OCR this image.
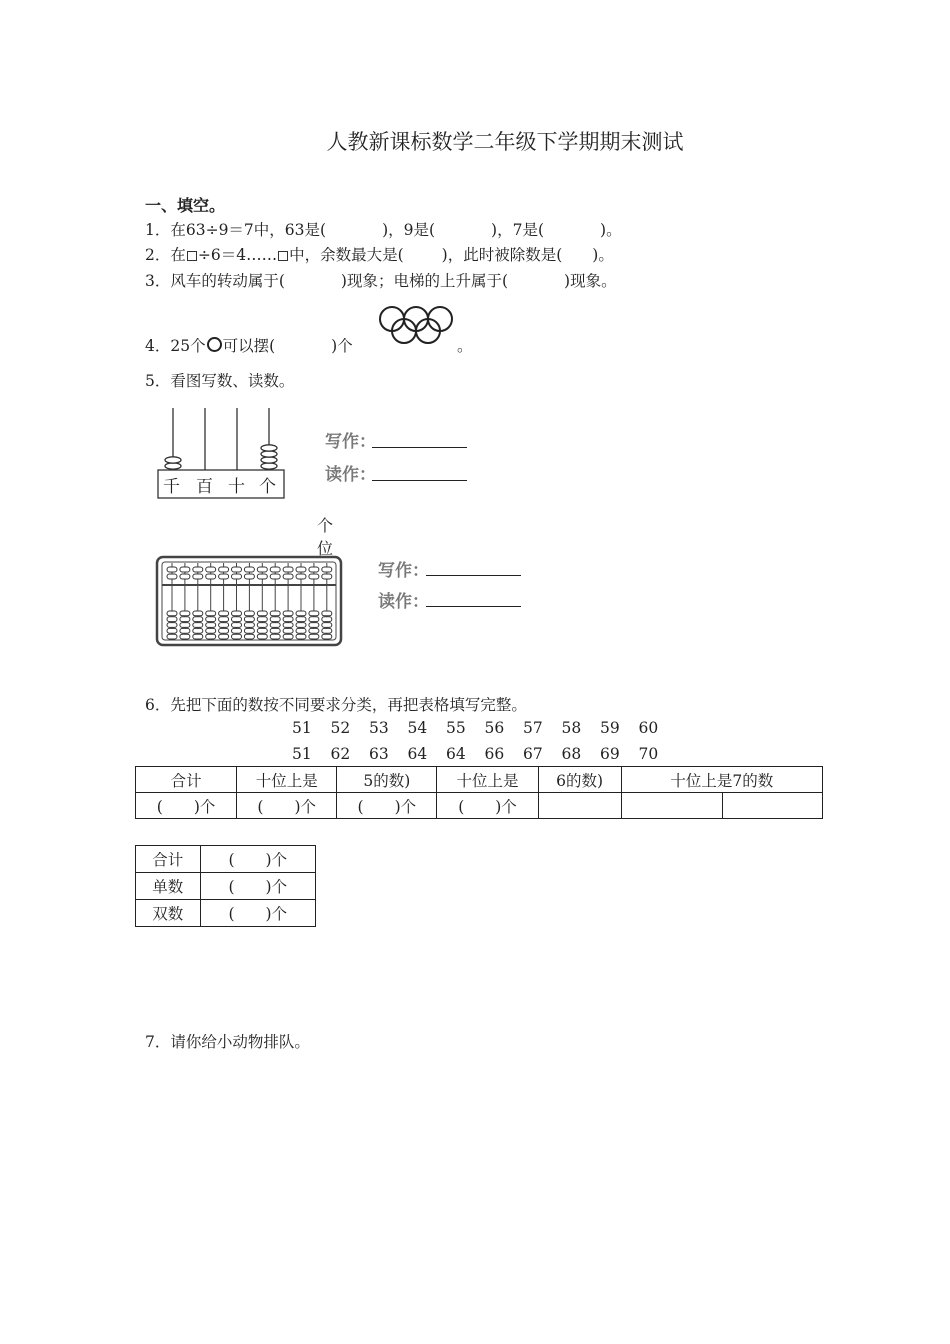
人教新课标数学二年级下学期期末测试
一、填空。
1．在63÷9＝7中，63是(	)，9是(	)，7是(	)。
2．在 ÷6＝4…… 中，余数最大是( )，此时被除数是( )。
3．风车的转动属于(	)现象；电梯的上升属于(	)现象。
4．25个 可以摆(	)个	。
5．看图写数、读数。
千 百 十 个
写作：
读作：
个
位
写作：
读作：
6．先把下面的数按不同要求分类，再把表格填写完整。
51 52 53 54 55 56 57 58 59 60
51 62 63 64 64 66 67 68 69 70
合计	十位上是	5的数)	十位上是	6的数)	十位上是7的数	
(　　)个	(　　)个	(　　)个	(　　)个			
合计	(　　)个
单数	(　　)个
双数	(　　)个
7．请你给小动物排队。
